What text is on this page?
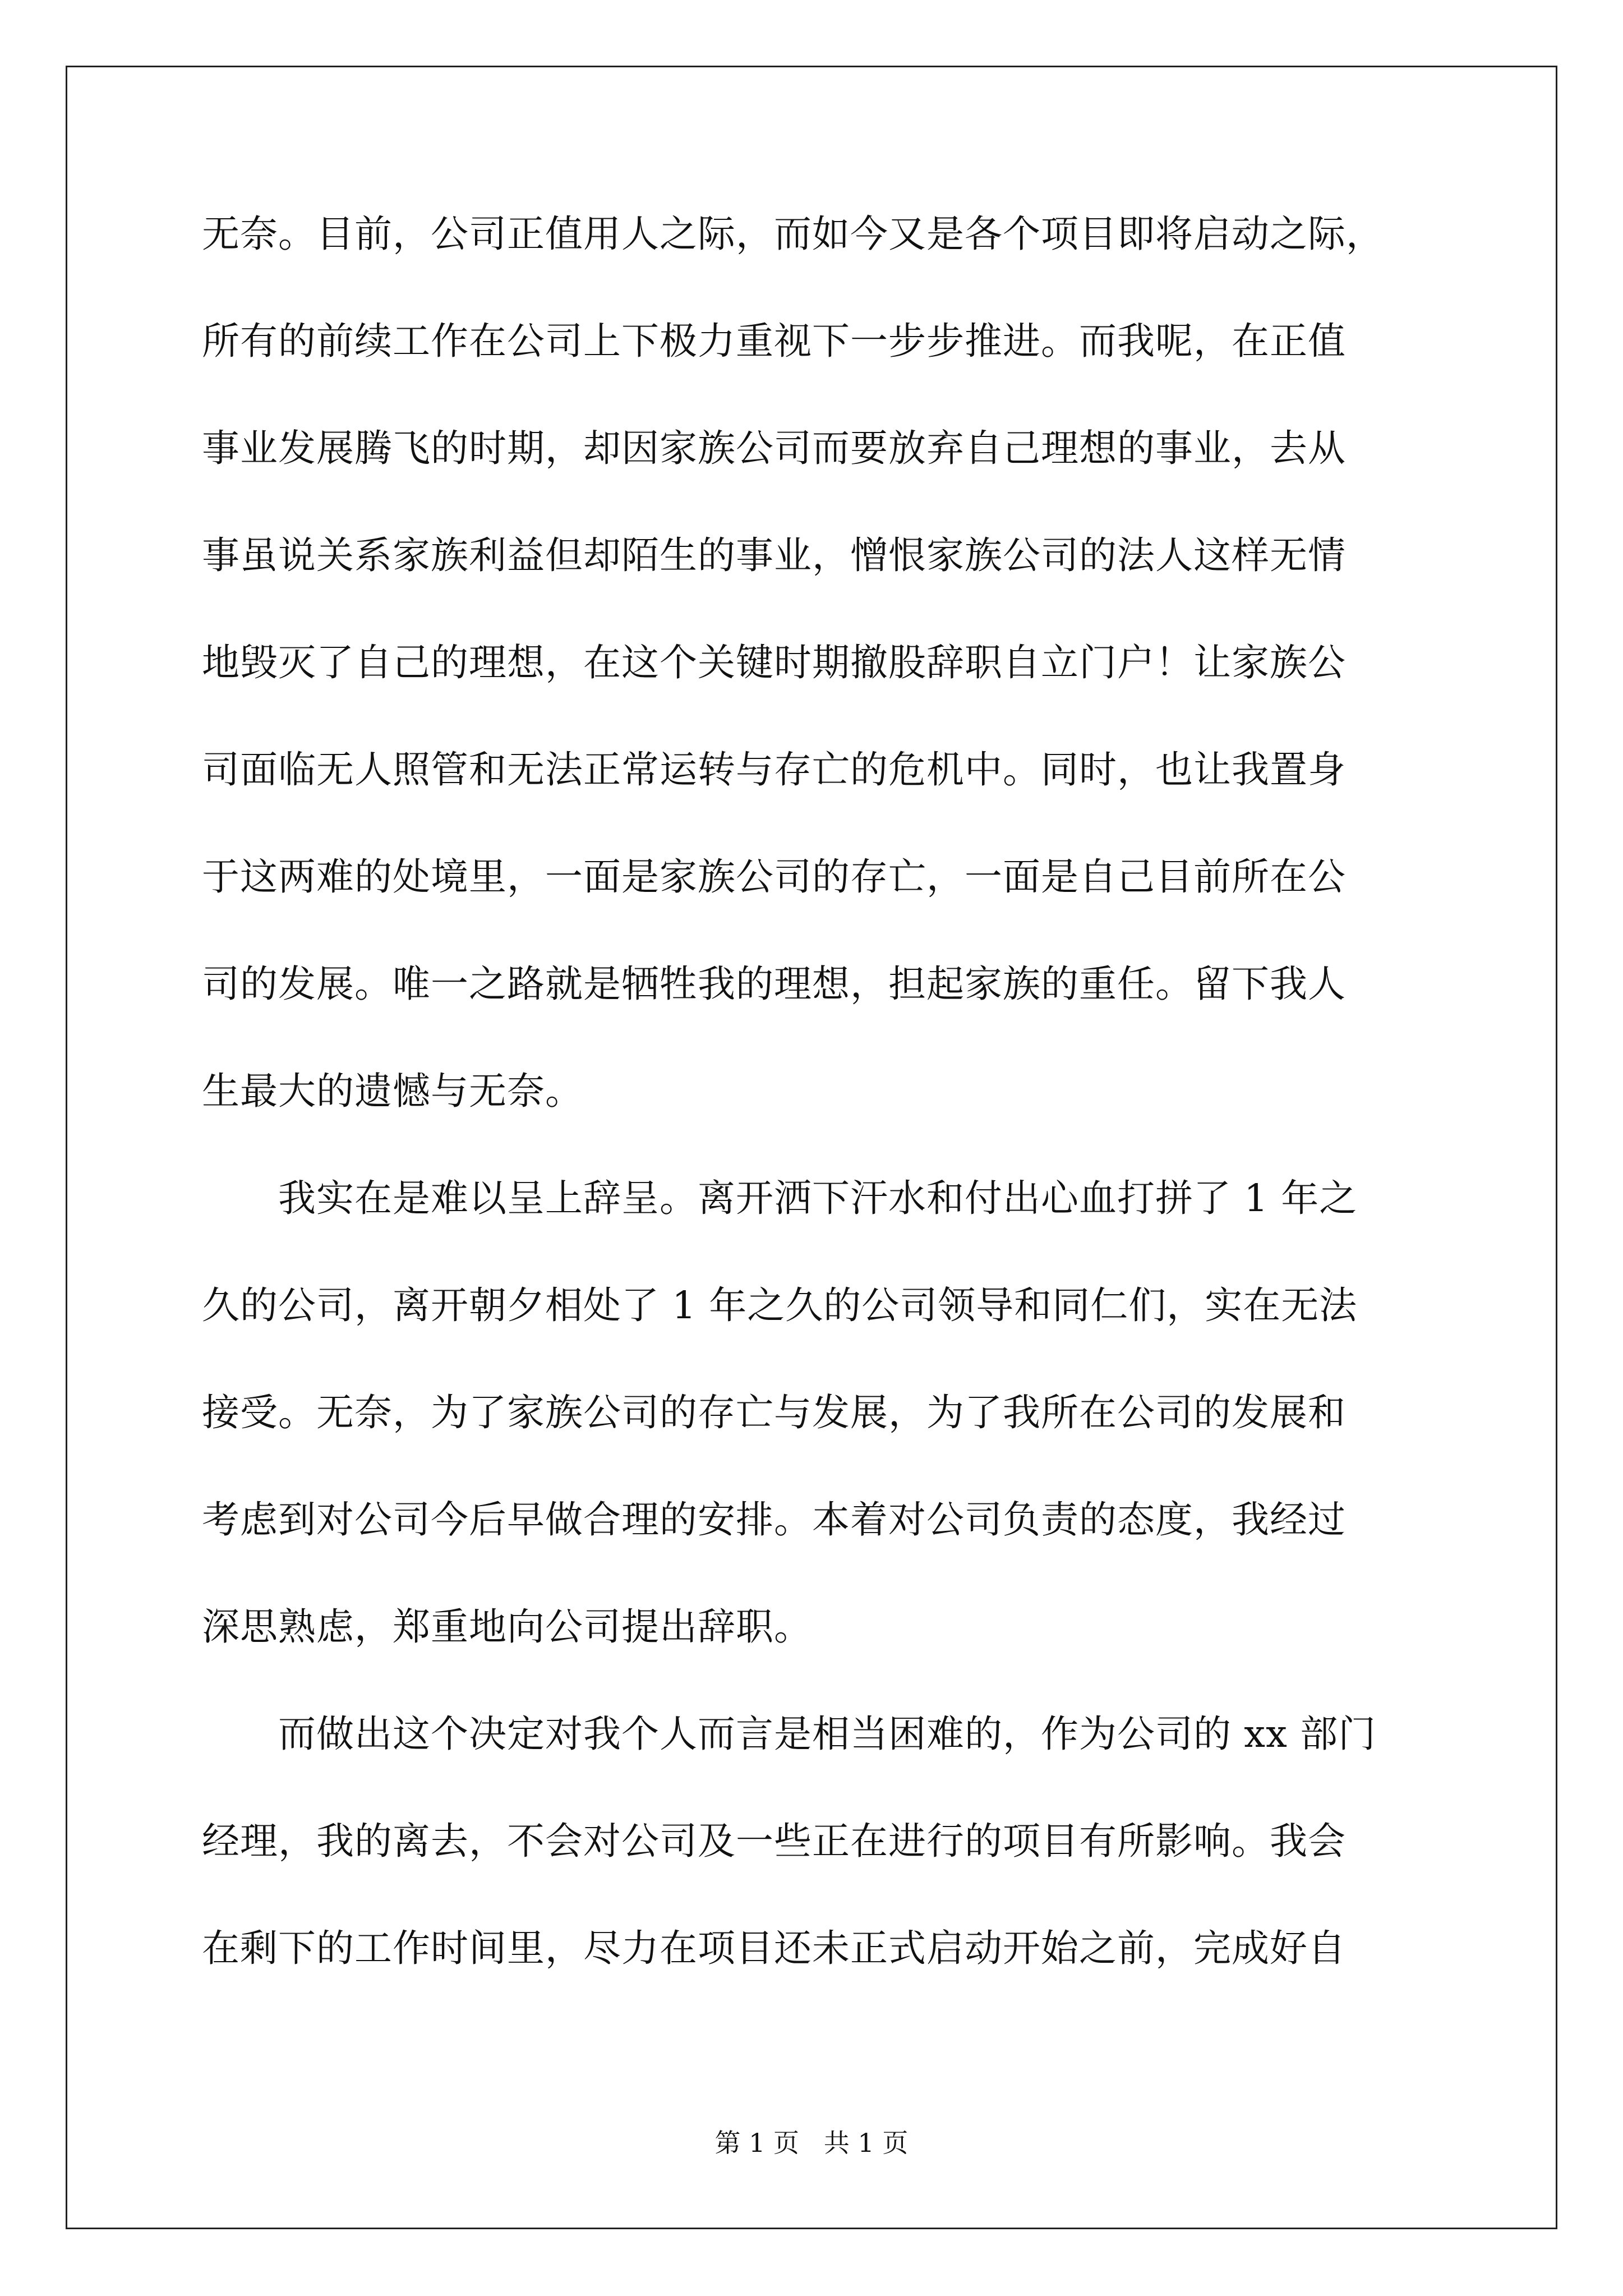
无奈。目前，公司正值用人之际，而如今又是各个项目即将启动之际，
所有的前续工作在公司上下极力重视下一步步推进。而我呢，在正值
事业发展腾飞的时期，却因家族公司而要放弃自己理想的事业，去从
事虽说关系家族利益但却陌生的事业，憎恨家族公司的法人这样无情
地毁灭了自己的理想，在这个关键时期撤股辞职自立门户！让家族公
司面临无人照管和无法正常运转与存亡的危机中。同时，也让我置身
于这两难的处境里，一面是家族公司的存亡，一面是自己目前所在公
司的发展。唯一之路就是牺牲我的理想，担起家族的重任。留下我人
生最大的遗憾与无奈。
　　我实在是难以呈上辞呈。离开洒下汗水和付出心血打拼了 1 年之
久的公司，离开朝夕相处了 1 年之久的公司领导和同仁们，实在无法
接受。无奈，为了家族公司的存亡与发展，为了我所在公司的发展和
考虑到对公司今后早做合理的安排。本着对公司负责的态度，我经过
深思熟虑，郑重地向公司提出辞职。
　　而做出这个决定对我个人而言是相当困难的，作为公司的 xx 部门
经理，我的离去，不会对公司及一些正在进行的项目有所影响。我会
在剩下的工作时间里，尽力在项目还未正式启动开始之前，完成好自
第 1 页   共 1 页
